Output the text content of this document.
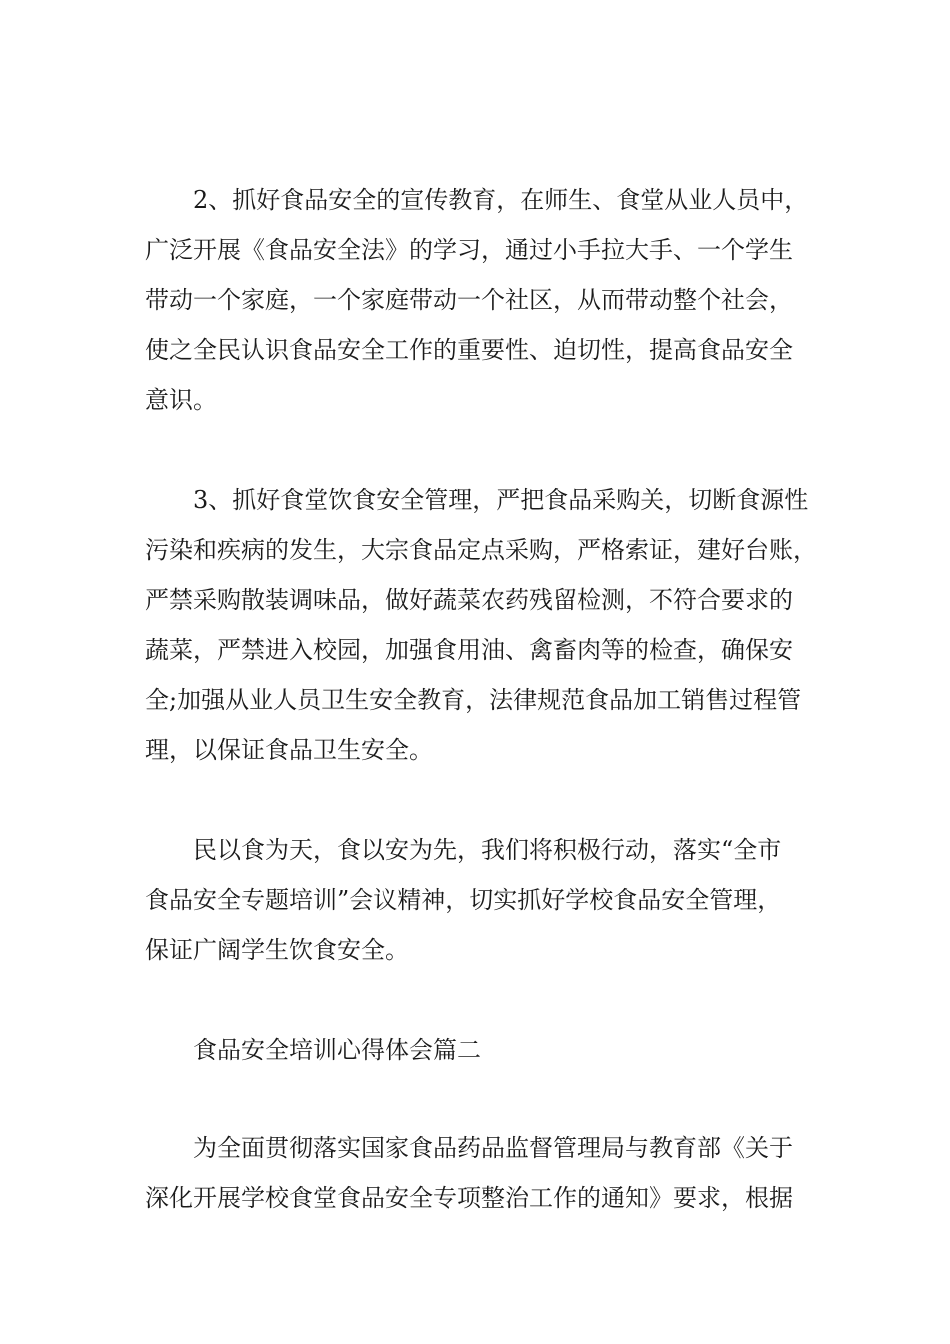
2、抓好食品安全的宣传教育，在师生、食堂从业人员中，
广泛开展《食品安全法》的学习，通过小手拉大手、一个学生
带动一个家庭，一个家庭带动一个社区，从而带动整个社会，
使之全民认识食品安全工作的重要性、迫切性，提高食品安全
意识。

3、抓好食堂饮食安全管理，严把食品采购关，切断食源性
污染和疾病的发生，大宗食品定点采购，严格索证，建好台账，
严禁采购散装调味品，做好蔬菜农药残留检测，不符合要求的
蔬菜，严禁进入校园，加强食用油、禽畜肉等的检查，确保安
全;加强从业人员卫生安全教育，法律规范食品加工销售过程管
理，以保证食品卫生安全。

民以食为天，食以安为先，我们将积极行动，落实“全市
食品安全专题培训”会议精神，切实抓好学校食品安全管理，
保证广阔学生饮食安全。

食品安全培训心得体会篇二

为全面贯彻落实国家食品药品监督管理局与教育部《关于
深化开展学校食堂食品安全专项整治工作的通知》要求，根据
